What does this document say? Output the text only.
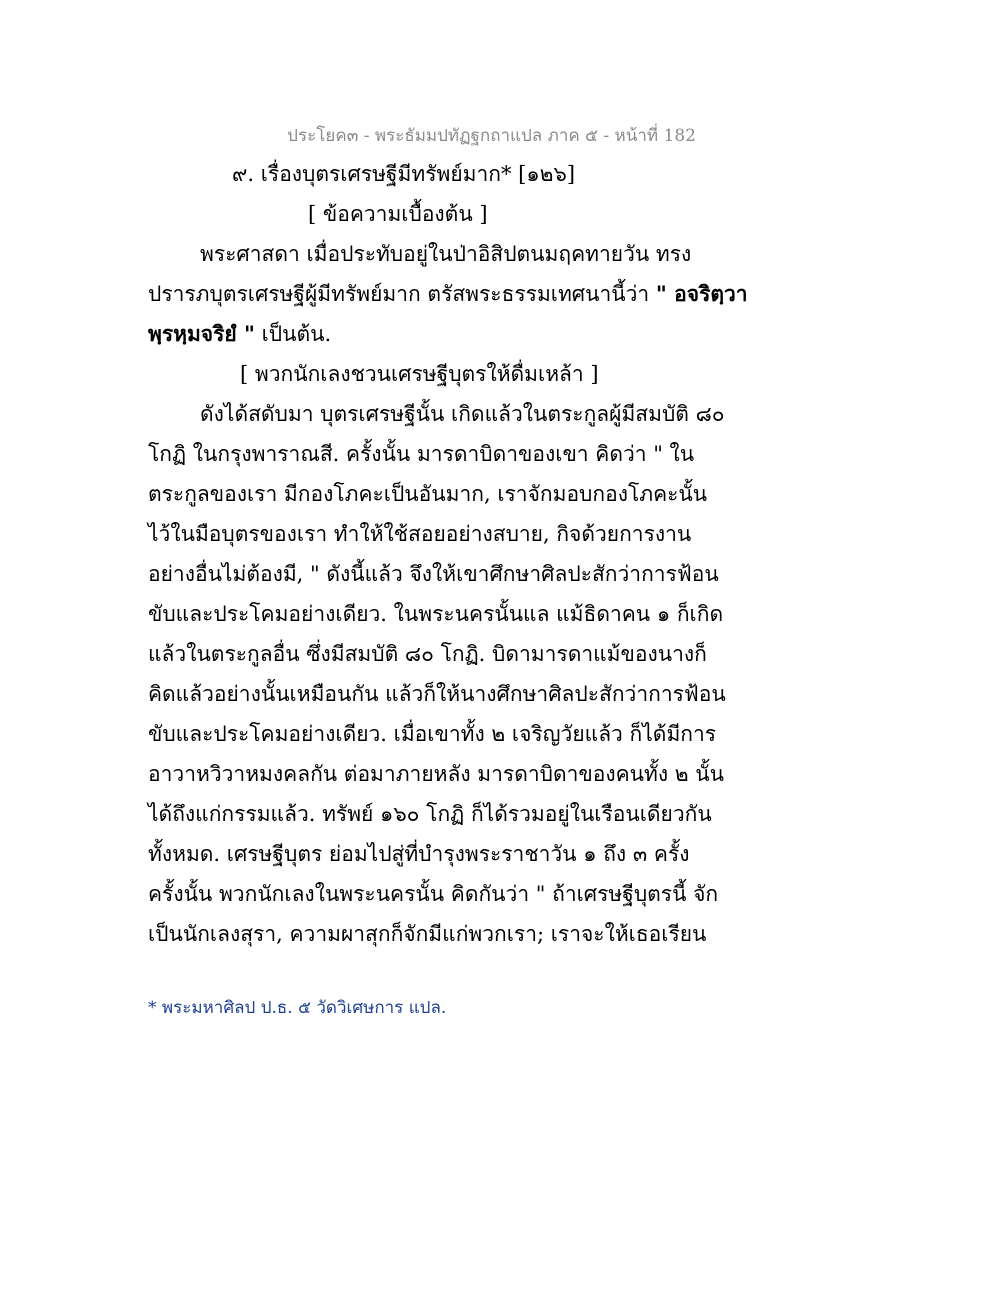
ประโยค๓ - พระธัมมปทัฏฐกถาแปล ภาค ๕ - หน้าที่ 182
๙. เรื่องบุตรเศรษฐีมีทรัพย์มาก* [๑๒๖]
[ ข้อความเบื้องต้น ]
พระศาสดา เมื่อประทับอยู่ในป่าอิสิปตนมฤคทายวัน ทรง
ปรารภบุตรเศรษฐีผู้มีทรัพย์มาก ตรัสพระธรรมเทศนานี้ว่า " อจริตฺวา
พฺรหฺมจริยํ " เป็นต้น.
[ พวกนักเลงชวนเศรษฐีบุตรให้ดื่มเหล้า ]
ดังได้สดับมา บุตรเศรษฐีนั้น เกิดแล้วในตระกูลผู้มีสมบัติ ๘๐
โกฏิ ในกรุงพาราณสี. ครั้งนั้น มารดาบิดาของเขา คิดว่า " ใน
ตระกูลของเรา มีกองโภคะเป็นอันมาก, เราจักมอบกองโภคะนั้น
ไว้ในมือบุตรของเรา ทำให้ใช้สอยอย่างสบาย, กิจด้วยการงาน
อย่างอื่นไม่ต้องมี, " ดังนี้แล้ว จึงให้เขาศึกษาศิลปะสักว่าการฟ้อน
ขับและประโคมอย่างเดียว. ในพระนครนั้นแล แม้ธิดาคน ๑ ก็เกิด
แล้วในตระกูลอื่น ซึ่งมีสมบัติ ๘๐ โกฏิ. บิดามารดาแม้ของนางก็
คิดแล้วอย่างนั้นเหมือนกัน แล้วก็ให้นางศึกษาศิลปะสักว่าการฟ้อน
ขับและประโคมอย่างเดียว. เมื่อเขาทั้ง ๒ เจริญวัยแล้ว ก็ได้มีการ
อาวาหวิวาหมงคลกัน ต่อมาภายหลัง มารดาบิดาของคนทั้ง ๒ นั้น
ได้ถึงแก่กรรมแล้ว. ทรัพย์ ๑๖๐ โกฏิ ก็ได้รวมอยู่ในเรือนเดียวกัน
ทั้งหมด. เศรษฐีบุตร ย่อมไปสู่ที่บำรุงพระราชาวัน ๑ ถึง ๓ ครั้ง
ครั้งนั้น พวกนักเลงในพระนครนั้น คิดกันว่า " ถ้าเศรษฐีบุตรนี้ จัก
เป็นนักเลงสุรา, ความผาสุกก็จักมีแก่พวกเรา; เราจะให้เธอเรียน
* พระมหาศิลป ป.ธ. ๕ วัดวิเศษการ แปล.
